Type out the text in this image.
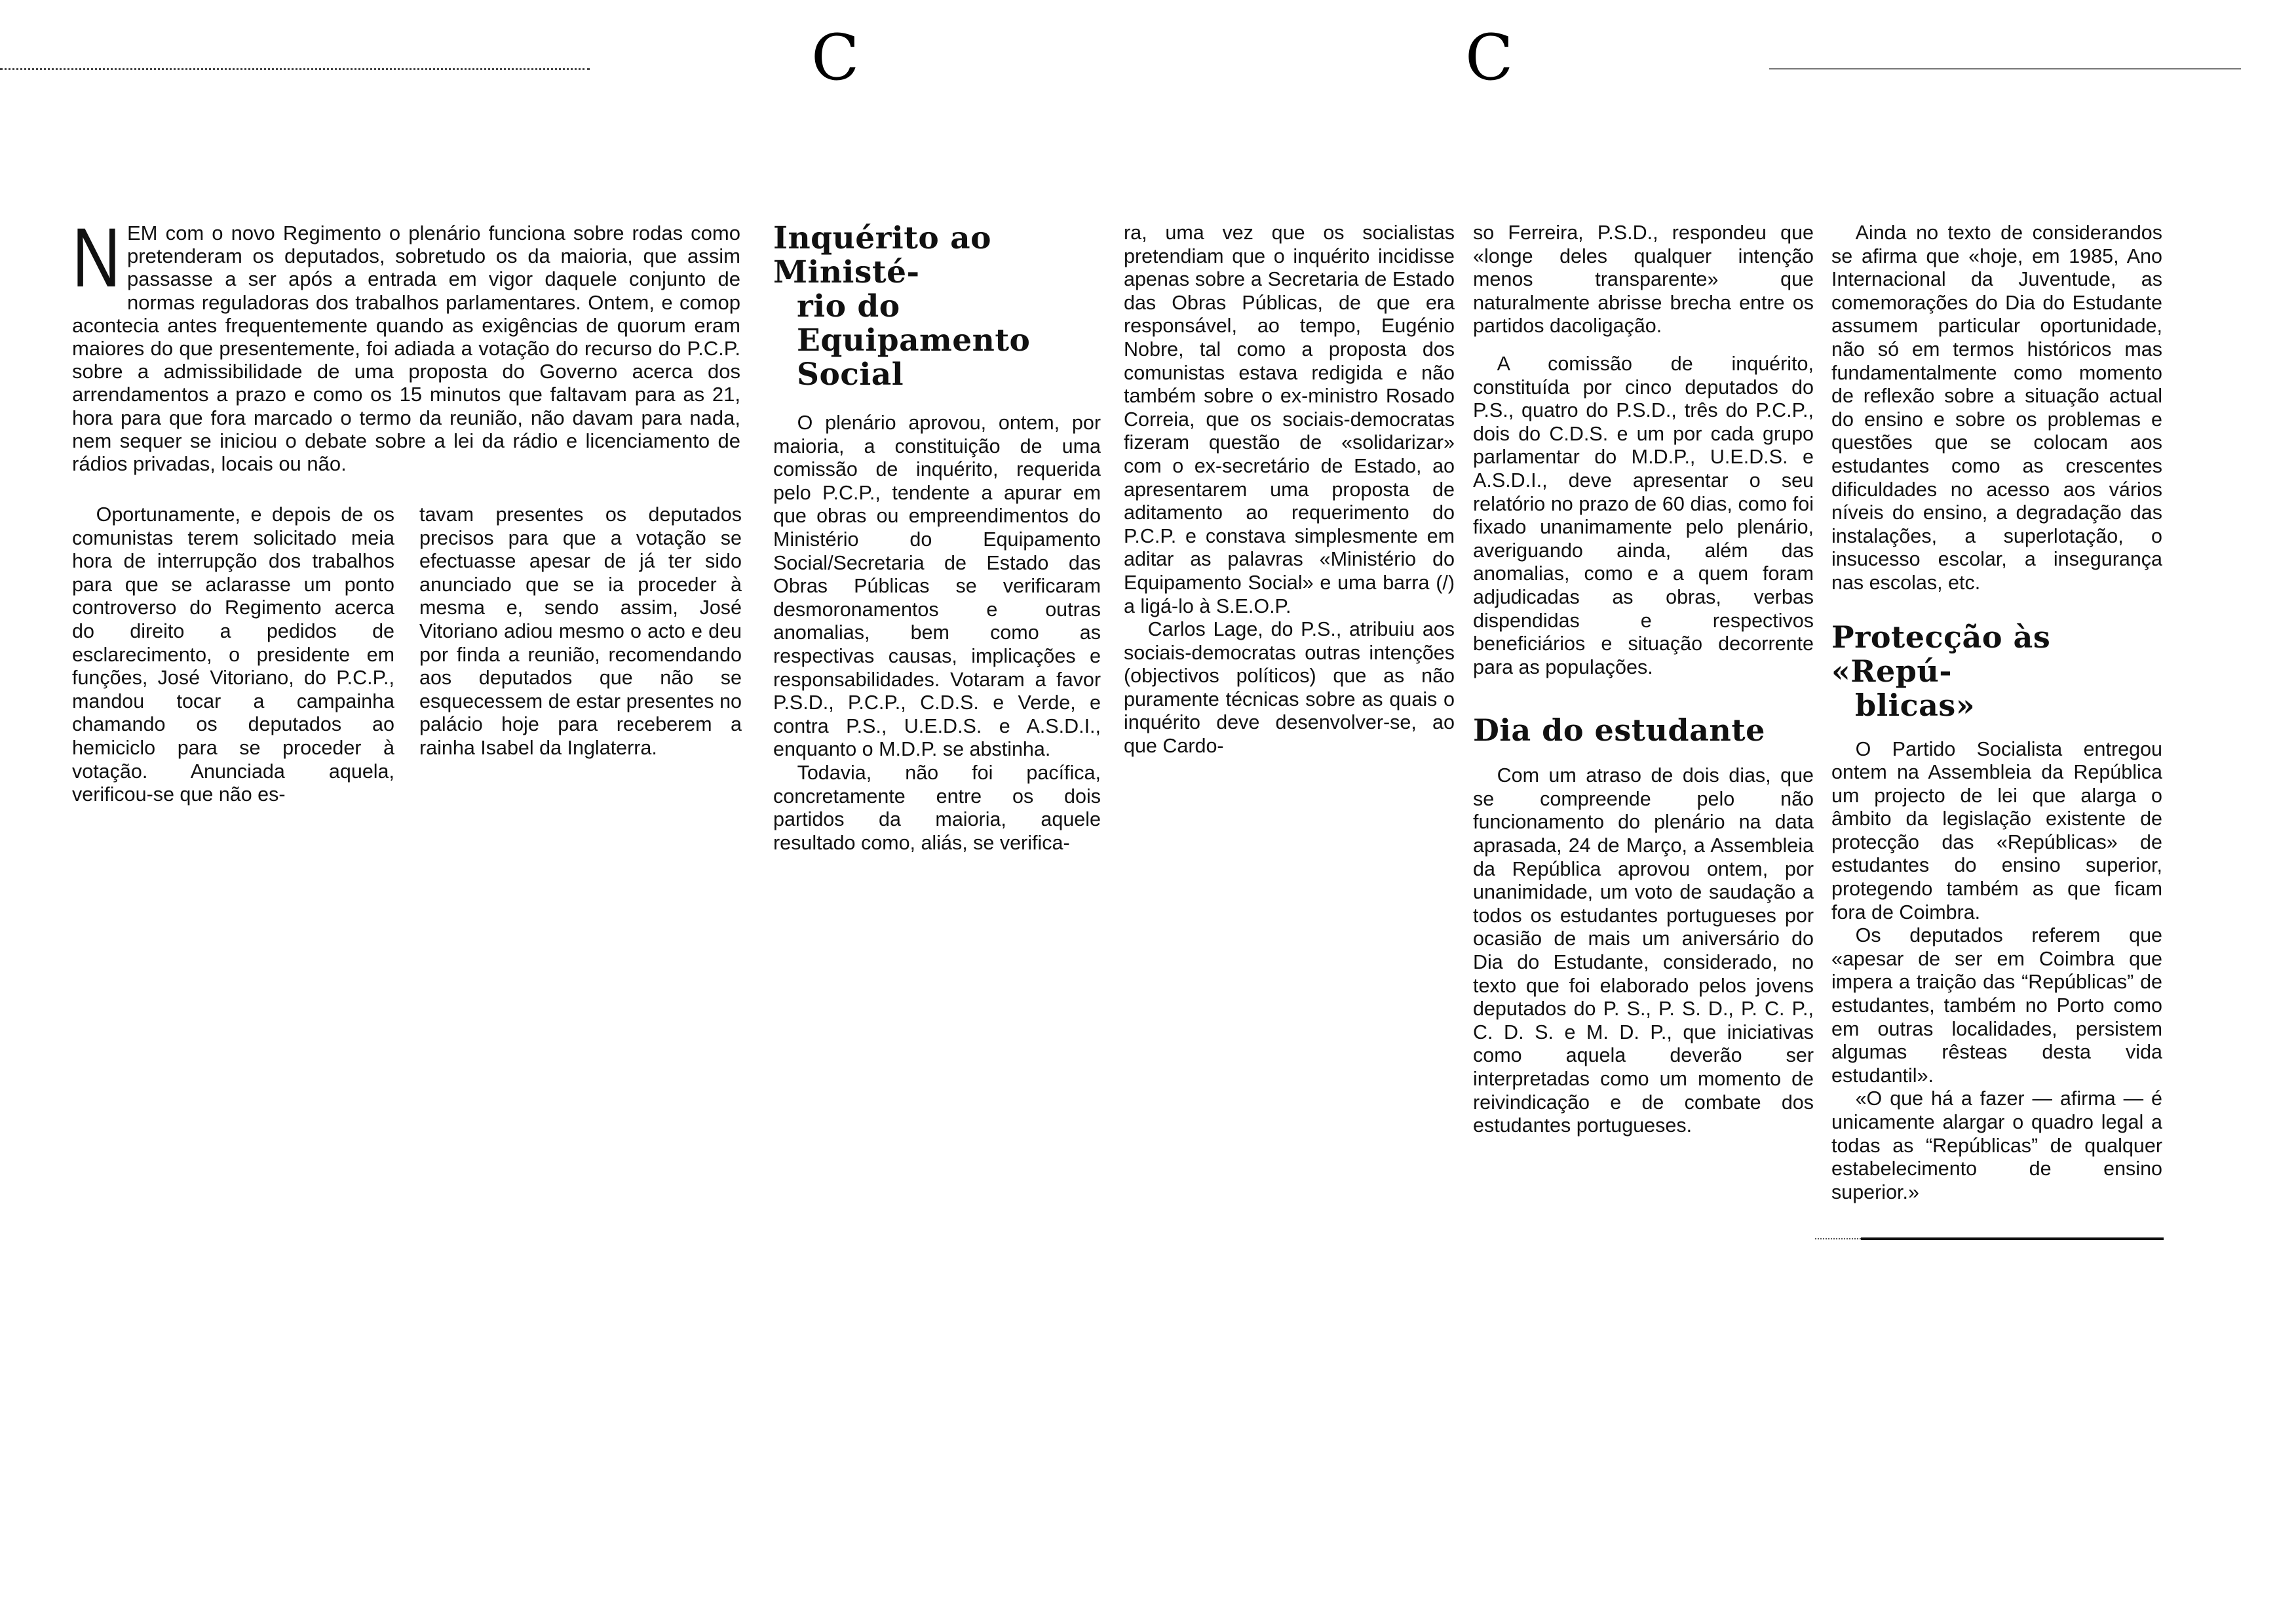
C	C

NEM com o novo Regimento o plenário funciona sobre rodas como pretenderam os deputados, sobretudo os da maioria, que assim passasse a ser após a entrada em vigor daquele conjunto de normas reguladoras dos trabalhos parlamentares. Ontem, e comop acontecia antes frequentemente quando as exigências de quorum eram maiores do que presentemente, foi adiada a votação do recurso do P.C.P. sobre a admissibilidade de uma proposta do Governo acerca dos arrendamentos a prazo e como os 15 minutos que faltavam para as 21, hora para que fora marcado o termo da reunião, não davam para nada, nem sequer se iniciou o debate sobre a lei da rádio e licenciamento de rádios privadas, locais ou não.

Oportunamente, e depois de os comunistas terem solicitado meia hora de interrupção dos trabalhos para que se aclarasse um ponto controverso do Regimento acerca do direito a pedidos de esclarecimento, o presidente em funções, José Vitoriano, do P.C.P., mandou tocar a campainha chamando os deputados ao hemiciclo para se proceder à votação. Anunciada aquela, verificou-se que não es-

tavam presentes os deputados precisos para que a votação se efectuasse apesar de já ter sido anunciado que se ia proceder à mesma e, sendo assim, José Vitoriano adiou mesmo o acto e deu por finda a reunião, recomendando aos deputados que não se esquecessem de estar presentes no palácio hoje para receberem a rainha Isabel da Inglaterra.

Inquérito ao Ministé-
rio do Equipamento
Social

O plenário aprovou, ontem, por maioria, a constituição de uma comissão de inquérito, requerida pelo P.C.P., tendente a apurar em que obras ou empreendimentos do Ministério do Equipamento Social/Secretaria de Estado das Obras Públicas se verificaram desmoronamentos e outras anomalias, bem como as respectivas causas, implicações e responsabilidades. Votaram a favor P.S.D., P.C.P., C.D.S. e Verde, e contra P.S., U.E.D.S. e A.S.D.I., enquanto o M.D.P. se abstinha.

Todavia, não foi pacífica, concretamente entre os dois partidos da maioria, aquele resultado como, aliás, se verifica-

ra, uma vez que os socialistas pretendiam que o inquérito incidisse apenas sobre a Secretaria de Estado das Obras Públicas, de que era responsável, ao tempo, Eugénio Nobre, tal como a proposta dos comunistas estava redigida e não também sobre o ex-ministro Rosado Correia, que os sociais-democratas fizeram questão de «solidarizar» com o ex-secretário de Estado, ao apresentarem uma proposta de aditamento ao requerimento do P.C.P. e constava simplesmente em aditar as palavras «Ministério do Equipamento Social» e uma barra (/) a ligá-lo à S.E.O.P.

Carlos Lage, do P.S., atribuiu aos sociais-democratas outras intenções (objectivos políticos) que as não puramente técnicas sobre as quais o inquérito deve desenvolver-se, ao que Cardo-

so Ferreira, P.S.D., respondeu que «longe deles qualquer intenção menos transparente» que naturalmente abrisse brecha entre os partidos dacoligação.

A comissão de inquérito, constituída por cinco deputados do P.S., quatro do P.S.D., três do P.C.P., dois do C.D.S. e um por cada grupo parlamentar do M.D.P., U.E.D.S. e A.S.D.I., deve apresentar o seu relatório no prazo de 60 dias, como foi fixado unanimamente pelo plenário, averiguando ainda, além das anomalias, como e a quem foram adjudicadas as obras, verbas dispendidas e respectivos beneficiários e situação decorrente para as populações.

Dia do estudante

Com um atraso de dois dias, que se compreende pelo não funcionamento do plenário na data aprasada, 24 de Março, a Assembleia da República aprovou ontem, por unanimidade, um voto de saudação a todos os estudantes portugueses por ocasião de mais um aniversário do Dia do Estudante, considerado, no texto que foi elaborado pelos jovens deputados do P. S., P. S. D., P. C. P., C. D. S. e M. D. P., que iniciativas como aquela deverão ser interpretadas como um momento de reivindicação e de combate dos estudantes portugueses.

Ainda no texto de considerandos se afirma que «hoje, em 1985, Ano Internacional da Juventude, as comemorações do Dia do Estudante assumem particular oportunidade, não só em termos históricos mas fundamentalmente como momento de reflexão sobre a situação actual do ensino e sobre os problemas e questões que se colocam aos estudantes como as crescentes dificuldades no acesso aos vários níveis do ensino, a degradação das instalações, a superlotação, o insucesso escolar, a insegurança nas escolas, etc.

Protecção às «Repú-
blicas»

O Partido Socialista entregou ontem na Assembleia da República um projecto de lei que alarga o âmbito da legislação existente de protecção das «Repúblicas» de estudantes do ensino superior, protegendo também as que ficam fora de Coimbra.

Os deputados referem que «apesar de ser em Coimbra que impera a traição das “Repúblicas” de estudantes, também no Porto como em outras localidades, persistem algumas rêsteas desta vida estudantil».

«O que há a fazer — afirma — é unicamente alargar o quadro legal a todas as “Repúblicas” de qualquer estabelecimento de ensino superior.»
